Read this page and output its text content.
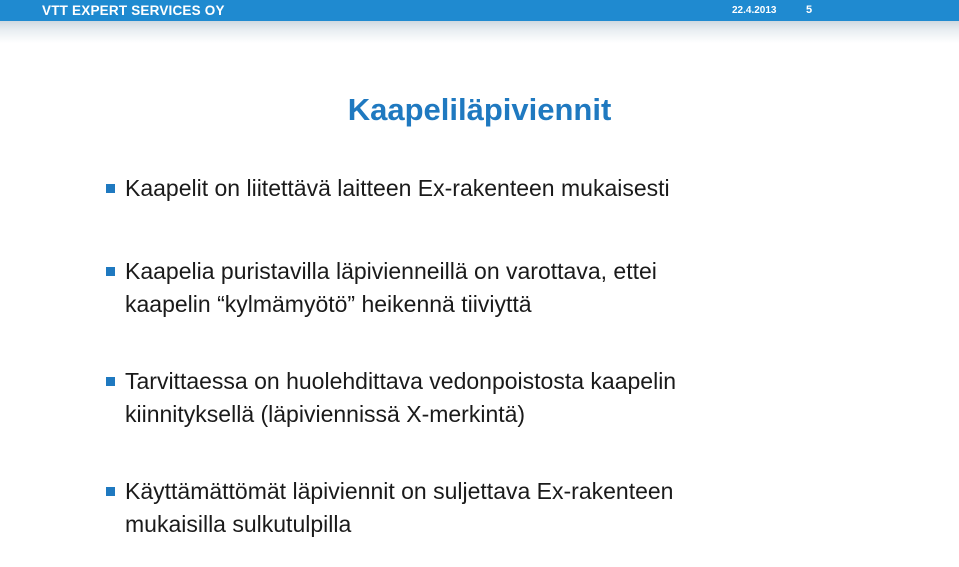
VTT EXPERT SERVICES OY	22.4.2013	5
Kaapeliläpiviennit
Kaapelit on liitettävä laitteen Ex-rakenteen mukaisesti
Kaapelia puristavilla läpivienneillä on varottava, ettei
kaapelin “kylmämyötö” heikennä tiiviyttä
Tarvittaessa on huolehdittava vedonpoistosta kaapelin
kiinnityksellä (läpiviennissä X-merkintä)
Käyttämättömät läpiviennit on suljettava Ex-rakenteen
mukaisilla sulkutulpilla
